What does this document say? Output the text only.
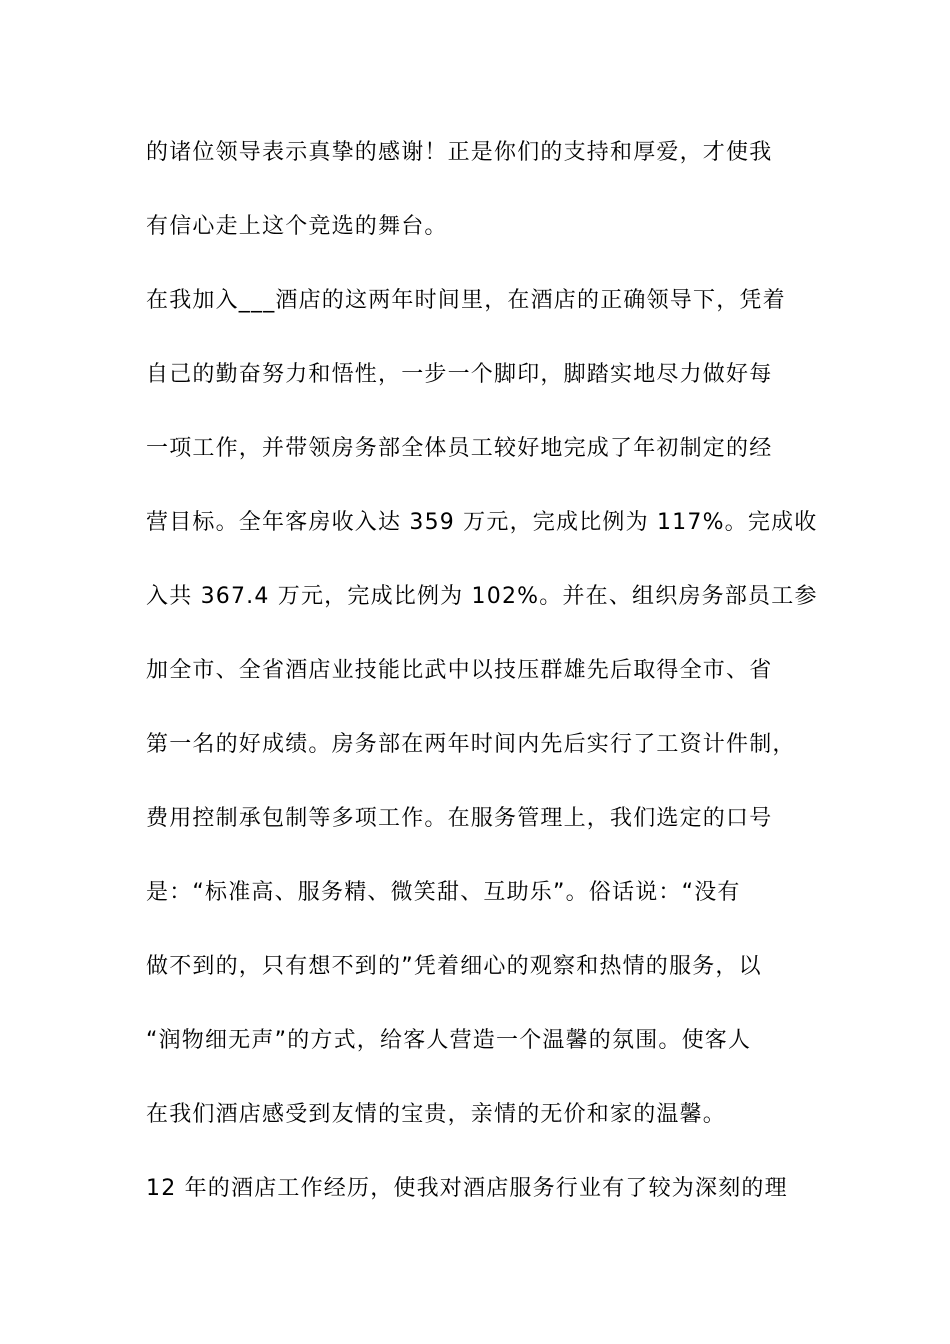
的诸位领导表示真挚的感谢！正是你们的支持和厚爱，才使我
有信心走上这个竞选的舞台。
在我加入___酒店的这两年时间里，在酒店的正确领导下，凭着
自己的勤奋努力和悟性，一步一个脚印，脚踏实地尽力做好每
一项工作，并带领房务部全体员工较好地完成了年初制定的经
营目标。全年客房收入达 359 万元，完成比例为 117%。完成收
入共 367.4 万元，完成比例为 102%。并在、组织房务部员工参
加全市、全省酒店业技能比武中以技压群雄先后取得全市、省
第一名的好成绩。房务部在两年时间内先后实行了工资计件制，
费用控制承包制等多项工作。在服务管理上，我们选定的口号
是：“标准高、服务精、微笑甜、互助乐”。俗话说：“没有
做不到的，只有想不到的”凭着细心的观察和热情的服务，以
“润物细无声”的方式，给客人营造一个温馨的氛围。使客人
在我们酒店感受到友情的宝贵，亲情的无价和家的温馨。
12 年的酒店工作经历，使我对酒店服务行业有了较为深刻的理
